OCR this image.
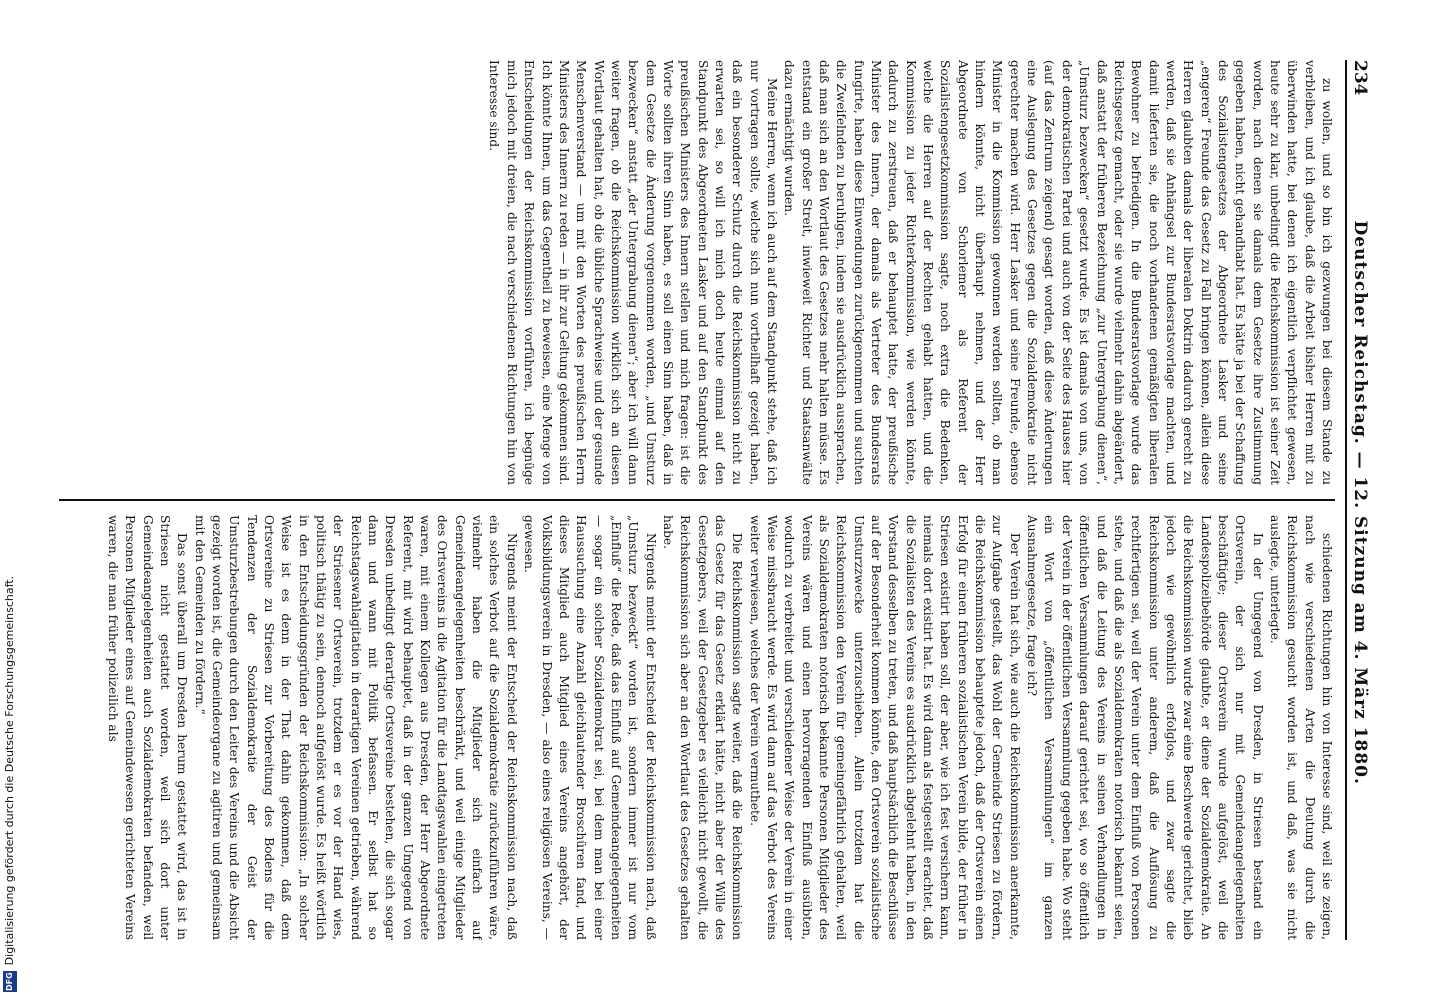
234
Deutscher Reichstag. — 12. Sitzung am 4. März 1880.

zu wollen, und so bin ich gezwungen bei diesem Stande zu verbleiben, und ich glaube, daß die Arbeit bisher Herren mit zu überwinden hatte, bei denen ich eigentlich verpflichtet gewesen, heute sehr zu klar, unbedingt die Reichskommission ist seiner Zeit worden, nach denen sie damals dem Gesetze ihre Zustimmung gegeben haben, nicht gehandhabt hat. Es hätte ja bei der Schaffung des Sozialistengesetzes der Abgeordnete Lasker und seine „engeren“ Freunde das Gesetz zu Fall bringen können, allein diese Herren glaubten damals der liberalen Doktrin dadurch gerecht zu werden, daß sie Anhängsel zur Bundesratsvorlage machten, und damit lieferten sie, die noch vorhandenen gemäßigten liberalen Bewohner zu befriedigen. In die Bundesratsvorlage wurde das Reichsgesetz gemacht, oder sie wurde vielmehr dahin abgeändert, daß anstatt der früheren Bezeichnung „zur Untergrabung dienen“, „Umsturz bezwecken“ gesetzt wurde. Es ist damals von uns, von der demokratischen Partei und auch von der Seite des Hauses hier (auf das Zentrum zeigend) gesagt worden, daß diese Änderungen eine Auslegung des Gesetzes gegen die Sozialdemokratie nicht gerechter machen wird. Herr Lasker und seine Freunde, ebenso Minister in die Kommission gewonnen werden sollten, ob man hindern könnte, nicht überhaupt nehmen, und der Herr Abgeordnete von Schorlemer als Referent der Sozialistengesetzkommission sagte, noch extra die Bedenken, welche die Herren auf der Rechten gehabt hatten, und die Kommission zu jeder Richterkommission, wie werden könnte, dadurch zu zerstreuen, daß er behauptet hatte, der preußische Minister des Innern, der damals als Vertreter des Bundesrats fungirte, haben diese Einwendungen zurückgenommen und suchten die Zweifelnden zu beruhigen, indem sie ausdrücklich aussprachen, daß man sich an den Wortlaut des Gesetzes mehr halten müsse. Es entstand ein großer Streit, inwieweit Richter und Staatsanwälte dazu ermächtigt wurden.

Meine Herren, wenn ich auch auf dem Standpunkt stehe, daß ich nur vortragen sollte, welche sich nun vortheilhaft gezeigt haben, daß ein besonderer Schutz durch die Reichskommission nicht zu erwarten sei, so will ich mich doch heute einmal auf den Standpunkt des Abgeordneten Lasker und auf den Standpunkt des preußischen Ministers des Innern stellen und mich fragen: ist die Worte sollten ihren Sinn haben, es soll einen Sinn haben, daß in dem Gesetze die Änderung vorgenommen worden, „und Umsturz bezwecken“ anstatt „der Untergrabung dienen“; aber ich will dann weiter fragen, ob die Reichskommission wirklich sich an diesen Wortlaut gehalten hat, ob die übliche Sprachweise und der gesunde Menschenverstand — um mit den Worten des preußischen Herrn Ministers des Innern zu reden — in ihr zur Geltung gekommen sind. Ich könnte Ihnen, um das Gegentheil zu beweisen, eine Menge von Entscheidungen der Reichskommission vorführen, ich begnüge mich jedoch mit dreien, die nach verschiedenen Richtungen hin von Interesse sind.

schiedenen Richtungen hin von Interesse sind, weil sie zeigen, nach wie verschiedenen Arten die Deutung durch die Reichskommission gesucht worden ist, und daß, was sie nicht auslegte, unterlegte.

In der Umgegend von Dresden, in Striesen bestand ein Ortsverein, der sich nur mit Gemeindeangelegenheiten beschäftigte; dieser Ortsverein wurde aufgelöst, weil die Landespolizeibehörde glaubte, er diene der Sozialdemokratie. An die Reichskommission wurde zwar eine Beschwerde gerichtet, blieb jedoch wie gewöhnlich erfolglos, und zwar sagte die Reichskommission unter anderem, daß die Auflösung zu rechtfertigen sei, weil der Verein unter dem Einfluß von Personen stehe, und daß die als Sozialdemokraten notorisch bekannt seien, und daß die Leitung des Vereins in seinen Verhandlungen in öffentlichen Versammlungen darauf gerichtet sei, wo so öffentlich der Verein in der öffentlichen Versammlung gegeben habe. Wo steht ein Wort von „öffentlichen Versammlungen“ im ganzen Ausnahmegesetze, frage ich?

Der Verein hat sich, wie auch die Reichskommission anerkannte, zur Aufgabe gestellt, das Wohl der Gemeinde Striesen zu fördern, die Reichskommission behauptete jedoch, daß der Ortsverein einen Erfolg für einen früheren sozialistischen Verein bilde, der früher in Striesen existirt haben soll, der aber, wie ich fest versichern kann, niemals dort existirt hat. Es wird dann als festgestellt erachtet, daß die Sozialisten des Vereins es ausdrücklich abgelehnt haben, in den Vorstand desselben zu treten, und daß hauptsächlich die Beschlüsse auf der Besonderheit kommen könnte, den Ortsverein sozialistische Umsturzzwecke unterzuschieben. Allein trotzdem hat die Reichskommission den Verein für gemeingefährlich gehalten, weil als Sozialdemokraten notorisch bekannte Personen Mitglieder des Vereins wären und einen hervorragenden Einfluß ausübten, wodurch zu verbreitet und verschiedener Weise der Verein in einer Weise missbraucht werde. Es wird dann auf das Verbot des Vereins weiter verwiesen, welches der Verein vermuthete.

Die Reichskommission sagte weiter, daß die Reichskommission das Gesetz für das Gesetz erklärt hätte, nicht aber der Wille des Gesetzgebers, weil der Gesetzgeber es vielleicht nicht gewollt, die Reichskommission sich aber an den Wortlaut des Gesetzes gehalten habe.

Nirgends meint der Entscheid der Reichskommission nach, daß „Umsturz bezweckt“ worden ist, sondern immer ist nur vom „Einfluß“ die Rede, daß das Einfluß auf Gemeindeangelegenheiten — sogar ein solcher Sozialdemokrat sei, bei dem man bei einer Haussuchung eine Anzahl gleichlautender Broschüren fand, und dieses Mitglied auch Mitglied eines Vereins angehört, der Volksbildungsverein in Dresden, — also eines religiösen Vereins, — gewesen.

Nirgends meint der Entscheid der Reichskommission nach, daß ein solches Verbot auf die Sozialdemokratie zurückzuführen wäre, vielmehr haben die Mitglieder sich einfach auf Gemeindeangelegenheiten beschränkt, und weil einige Mitglieder des Ortsvereins in die Agitation für die Landtagswahlen eingetreten waren, mit einem Kollegen aus Dresden, der Herr Abgeordnete Referent, mit wird behauptet, daß in der ganzen Umgegend von Dresden unbedingt derartige Ortsvereine bestehen, die sich sogar dann und wann mit Politik befassen. Er selbst hat so Reichstagswahlagitation in derartigen Vereinen getrieben, während der Striesener Ortsverein, trotzdem er es vor der Hand wies, politisch thätig zu sein, dennoch aufgelöst wurde. Es heißt wörtlich in den Entscheidungsgründen der Reichskommission: „In solcher Weise ist es denn in der That dahin gekommen, daß dem Ortsvereine zu Striesen zur Vorbereitung des Bodens für die Tendenzen der Sozialdemokratie der Geist der Umsturzbestrebungen durch den Leiter des Vereins und die Absicht gezeigt worden ist, die Gemeindeorgane zu agitiren und gemeinsam mit den Gemeinden zu fördern.“

Das sonst überall um Dresden herum gestattet wird, das ist in Striesen nicht gestattet worden, weil sich dort unter Gemeindeangelegenheiten auch Sozialdemokraten befanden, weil Personen Mitglieder eines auf Gemeindewesen gerichteten Vereins waren, die man früher polizeilich als

DFG
Digitalisierung gefördert durch die Deutsche Forschungsgemeinschaft.
